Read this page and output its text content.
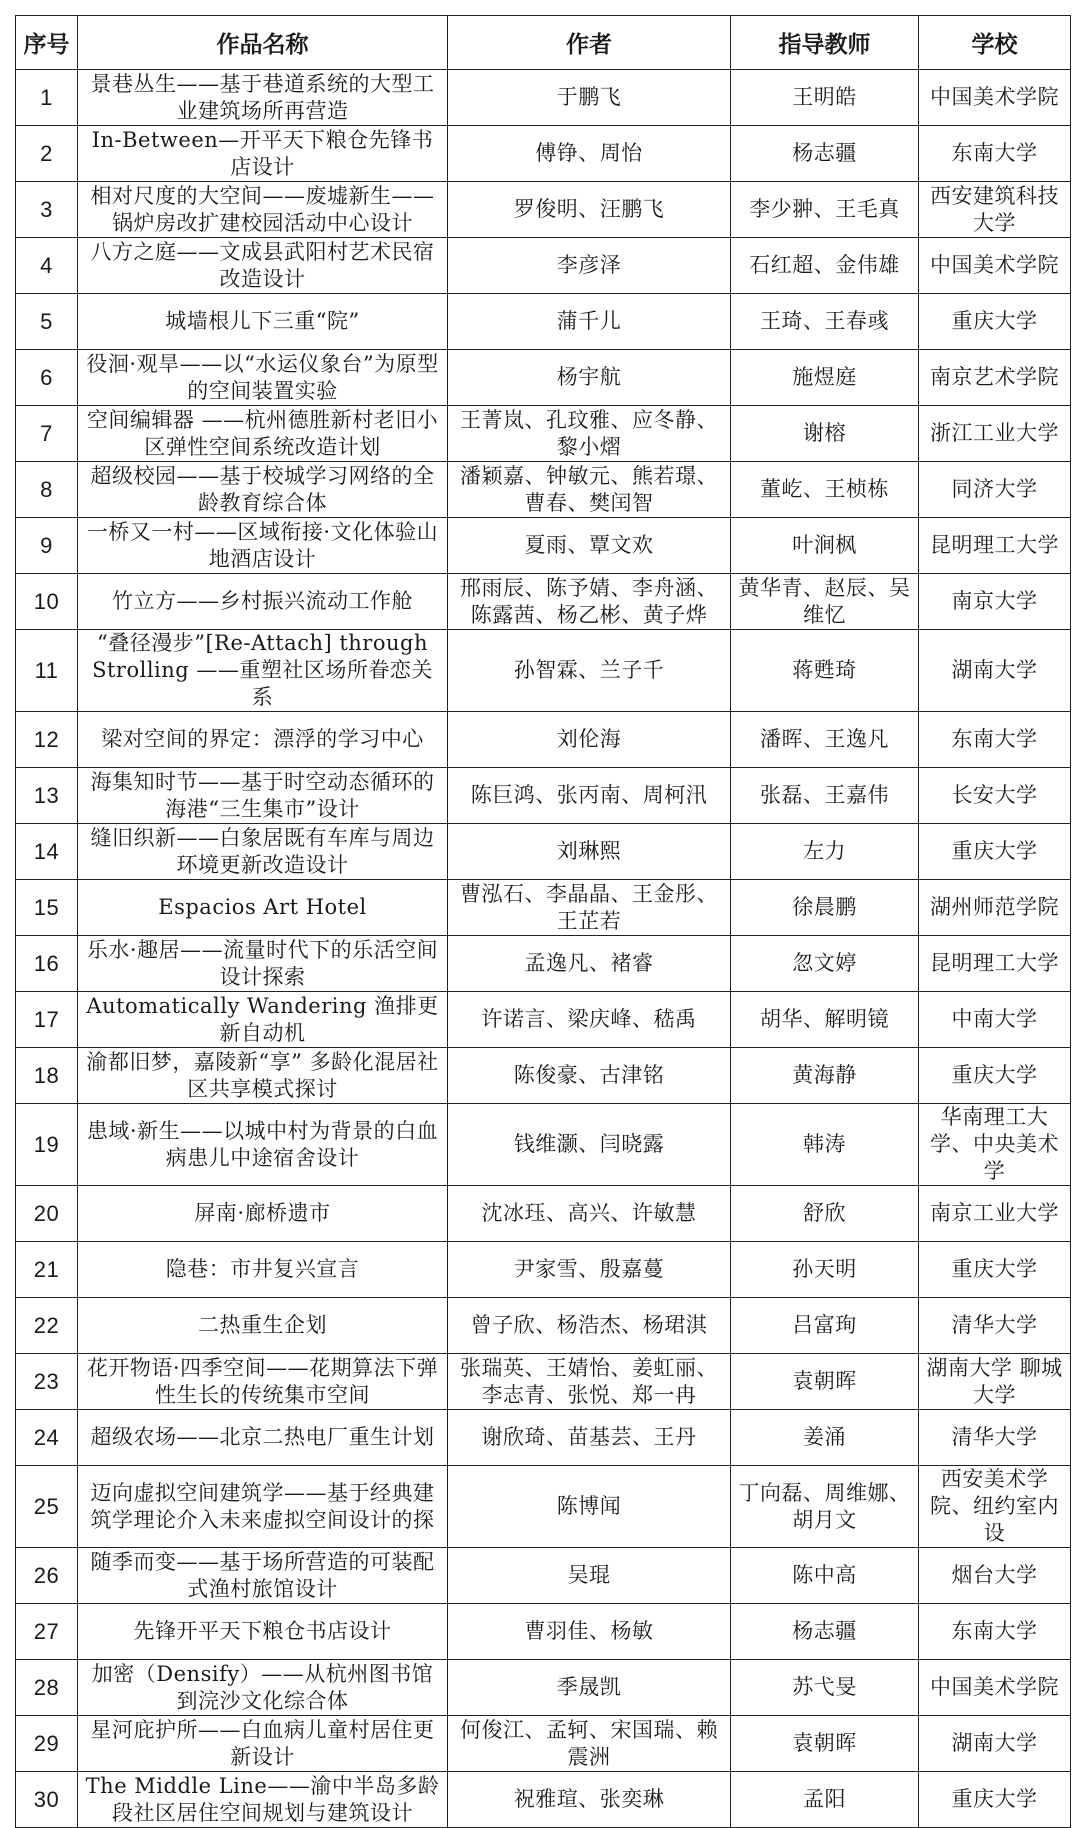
序号	作品名称	作者	指导教师	学校
1	景巷丛生——基于巷道系统的大型工业建筑场所再营造	于鹏飞	王明皓	中国美术学院
2	In-Between—开平天下粮仓先锋书店设计	傅铮、周怡	杨志疆	东南大学
3	相对尺度的大空间——废墟新生——锅炉房改扩建校园活动中心设计	罗俊明、汪鹏飞	李少翀、王毛真	西安建筑科技大学
4	八方之庭——文成县武阳村艺术民宿改造设计	李彦泽	石红超、金伟雄	中国美术学院
5	城墙根儿下三重“院”	蒲千儿	王琦、王春彧	重庆大学
6	役洄·观旱——以“水运仪象台”为原型的空间装置实验	杨宇航	施煜庭	南京艺术学院
7	空间编辑器 ——杭州德胜新村老旧小区弹性空间系统改造计划	王菁岚、孔玟雅、应冬静、黎小熠	谢榕	浙江工业大学
8	超级校园——基于校城学习网络的全龄教育综合体	潘颖嘉、钟敏元、熊若璟、曹春、樊闰智	董屹、王桢栋	同济大学
9	一桥又一村——区域衔接·文化体验山地酒店设计	夏雨、覃文欢	叶涧枫	昆明理工大学
10	竹立方——乡村振兴流动工作舱	邢雨辰、陈予婧、李舟涵、陈露茜、杨乙彬、黄子烨	黄华青、赵辰、吴维忆	南京大学
11	“叠径漫步”[Re-Attach] through Strolling ——重塑社区场所眷恋关系	孙智霖、兰子千	蒋甦琦	湖南大学
12	梁对空间的界定：漂浮的学习中心	刘伦海	潘晖、王逸凡	东南大学
13	海集知时节——基于时空动态循环的海港“三生集市”设计	陈巨鸿、张丙南、周柯汛	张磊、王嘉伟	长安大学
14	缝旧织新——白象居既有车库与周边环境更新改造设计	刘琳熙	左力	重庆大学
15	Espacios Art Hotel	曹泓石、李晶晶、王金彤、王芷若	徐晨鹏	湖州师范学院
16	乐水·趣居——流量时代下的乐活空间设计探索	孟逸凡、褚睿	忽文婷	昆明理工大学
17	Automatically Wandering 渔排更新自动机	许诺言、梁庆峰、嵇禹	胡华、解明镜	中南大学
18	渝都旧梦，嘉陵新“享” 多龄化混居社区共享模式探讨	陈俊豪、古津铭	黄海静	重庆大学
19	患域·新生——以城中村为背景的白血病患儿中途宿舍设计	钱维灏、闫晓露	韩涛	华南理工大学、中央美术学
20	屏南·廊桥遗市	沈冰珏、高兴、许敏慧	舒欣	南京工业大学
21	隐巷：市井复兴宣言	尹家雪、殷嘉蔓	孙天明	重庆大学
22	二热重生企划	曾子欣、杨浩杰、杨珺淇	吕富珣	清华大学
23	花开物语·四季空间——花期算法下弹性生长的传统集市空间	张瑞英、王婧怡、姜虹丽、李志青、张悦、郑一冉	袁朝晖	湖南大学 聊城大学
24	超级农场——北京二热电厂重生计划	谢欣琦、苗基芸、王丹	姜涌	清华大学
25	迈向虚拟空间建筑学——基于经典建筑学理论介入未来虚拟空间设计的探	陈博闻	丁向磊、周维娜、胡月文	西安美术学院、纽约室内设
26	随季而变——基于场所营造的可装配式渔村旅馆设计	吴琨	陈中高	烟台大学
27	先锋开平天下粮仓书店设计	曹羽佳、杨敏	杨志疆	东南大学
28	加密（Densify）——从杭州图书馆到浣沙文化综合体	季晟凯	苏弋旻	中国美术学院
29	星河庇护所——白血病儿童村居住更新设计	何俊江、孟轲、宋国瑞、赖震洲	袁朝晖	湖南大学
30	The Middle Line——渝中半岛多龄段社区居住空间规划与建筑设计	祝雅瑄、张奕琳	孟阳	重庆大学
